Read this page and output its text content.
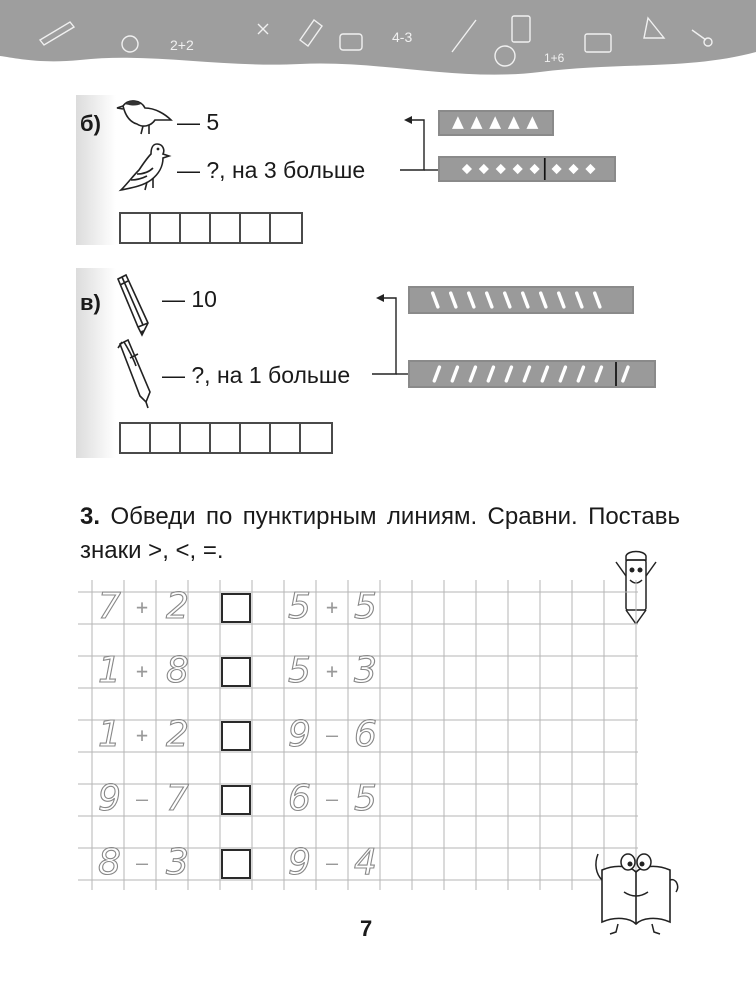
2+2	4-3
1+6
б)	— 5
— ?, на 3 больше
в)	— 10
— ?, на 1 больше
3. Обведи по пунктирным линиям. Сравни. Поставь знаки >, <, =.
7 + 2	5 + 5
1 + 8	5 + 3
1 + 2	9 – 6
9 – 7	6 – 5
8 – 3	9 – 4
7
